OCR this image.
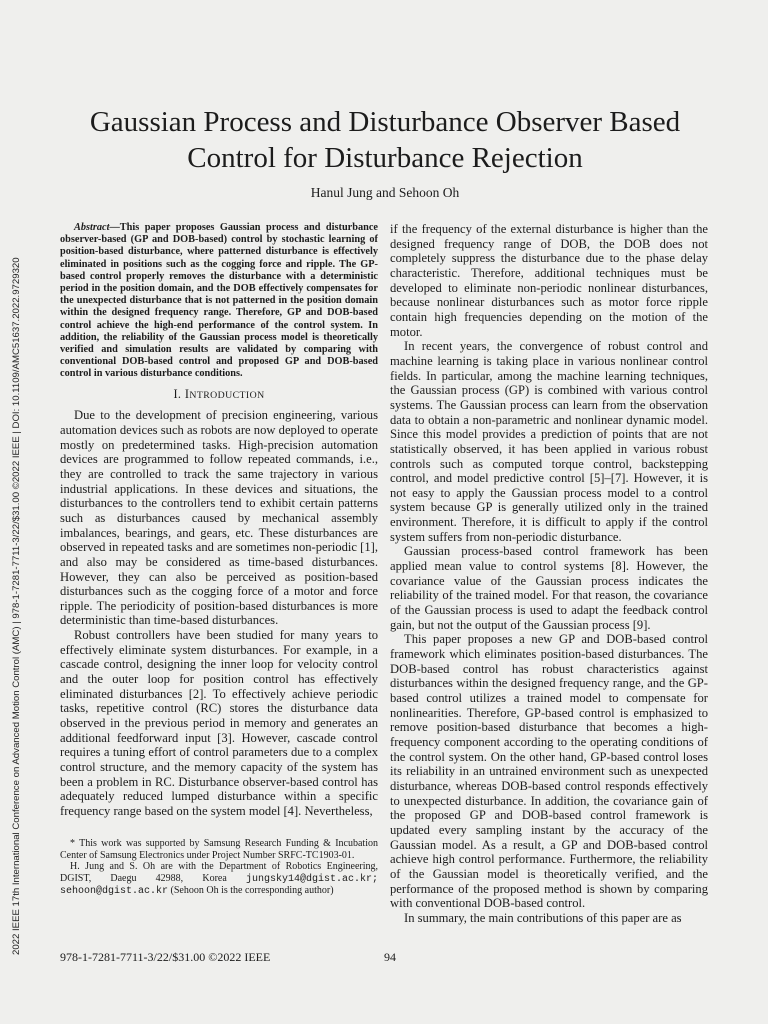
2022 IEEE 17th International Conference on Advanced Motion Control (AMC) | 978-1-7281-7711-3/22/$31.00 ©2022 IEEE | DOI: 10.1109/AMC51637.2022.9729320
Gaussian Process and Disturbance Observer Based
Control for Disturbance Rejection
Hanul Jung and Sehoon Oh

Abstract—This paper proposes Gaussian process and disturbance observer-based (GP and DOB-based) control by stochastic learning of position-based disturbance, where patterned disturbance is effectively eliminated in positions such as the cogging force and ripple. The GP-based control properly removes the disturbance with a deterministic period in the position domain, and the DOB effectively compensates for the unexpected disturbance that is not patterned in the position domain within the designed frequency range. Therefore, GP and DOB-based control achieve the high-end performance of the control system. In addition, the reliability of the Gaussian process model is theoretically verified and simulation results are validated by comparing with conventional DOB-based control and proposed GP and DOB-based control in various disturbance conditions.

I. INTRODUCTION

Due to the development of precision engineering, various automation devices such as robots are now deployed to operate mostly on predetermined tasks. High-precision automation devices are programmed to follow repeated commands, i.e., they are controlled to track the same trajectory in various industrial applications. In these devices and situations, the disturbances to the controllers tend to exhibit certain patterns such as disturbances caused by mechanical assembly imbalances, bearings, and gears, etc. These disturbances are observed in repeated tasks and are sometimes non-periodic [1], and also may be considered as time-based disturbances. However, they can also be perceived as position-based disturbances such as the cogging force of a motor and force ripple. The periodicity of position-based disturbances is more deterministic than time-based disturbances.

Robust controllers have been studied for many years to effectively eliminate system disturbances. For example, in a cascade control, designing the inner loop for velocity control and the outer loop for position control has effectively eliminated disturbances [2]. To effectively achieve periodic tasks, repetitive control (RC) stores the disturbance data observed in the previous period in memory and generates an additional feedforward input [3]. However, cascade control requires a tuning effort of control parameters due to a complex control structure, and the memory capacity of the system has been a problem in RC. Disturbance observer-based control has adequately reduced lumped disturbance within a specific frequency range based on the system model [4]. Nevertheless,

if the frequency of the external disturbance is higher than the designed frequency range of DOB, the DOB does not completely suppress the disturbance due to the phase delay characteristic. Therefore, additional techniques must be developed to eliminate non-periodic nonlinear disturbances, because nonlinear disturbances such as motor force ripple contain high frequencies depending on the motion of the motor.

In recent years, the convergence of robust control and machine learning is taking place in various nonlinear control fields. In particular, among the machine learning techniques, the Gaussian process (GP) is combined with various control systems. The Gaussian process can learn from the observation data to obtain a non-parametric and nonlinear dynamic model. Since this model provides a prediction of points that are not statistically observed, it has been applied in various robust controls such as computed torque control, backstepping control, and model predictive control [5]–[7]. However, it is not easy to apply the Gaussian process model to a control system because GP is generally utilized only in the trained environment. Therefore, it is difficult to apply if the control system suffers from non-periodic disturbance.

Gaussian process-based control framework has been applied mean value to control systems [8]. However, the covariance value of the Gaussian process indicates the reliability of the trained model. For that reason, the covariance of the Gaussian process is used to adapt the feedback control gain, but not the output of the Gaussian process [9].

This paper proposes a new GP and DOB-based control framework which eliminates position-based disturbances. The DOB-based control has robust characteristics against disturbances within the designed frequency range, and the GP-based control utilizes a trained model to compensate for nonlinearities. Therefore, GP-based control is emphasized to remove position-based disturbance that becomes a high-frequency component according to the operating conditions of the control system. On the other hand, GP-based control loses its reliability in an untrained environment such as unexpected disturbance, whereas DOB-based control responds effectively to unexpected disturbance. In addition, the covariance gain of the proposed GP and DOB-based control framework is updated every sampling instant by the accuracy of the Gaussian model. As a result, a GP and DOB-based control achieve high control performance. Furthermore, the reliability of the Gaussian model is theoretically verified, and the performance of the proposed method is shown by comparing with conventional DOB-based control.

In summary, the main contributions of this paper are as

* This work was supported by Samsung Research Funding & Incubation Center of Samsung Electronics under Project Number SRFC-TC1903-01.

H. Jung and S. Oh are with the Department of Robotics Engineering, DGIST, Daegu 42988, Korea jungsky14@dgist.ac.kr; sehoon@dgist.ac.kr (Sehoon Oh is the corresponding author)

978-1-7281-7711-3/22/$31.00 ©2022 IEEE	94
